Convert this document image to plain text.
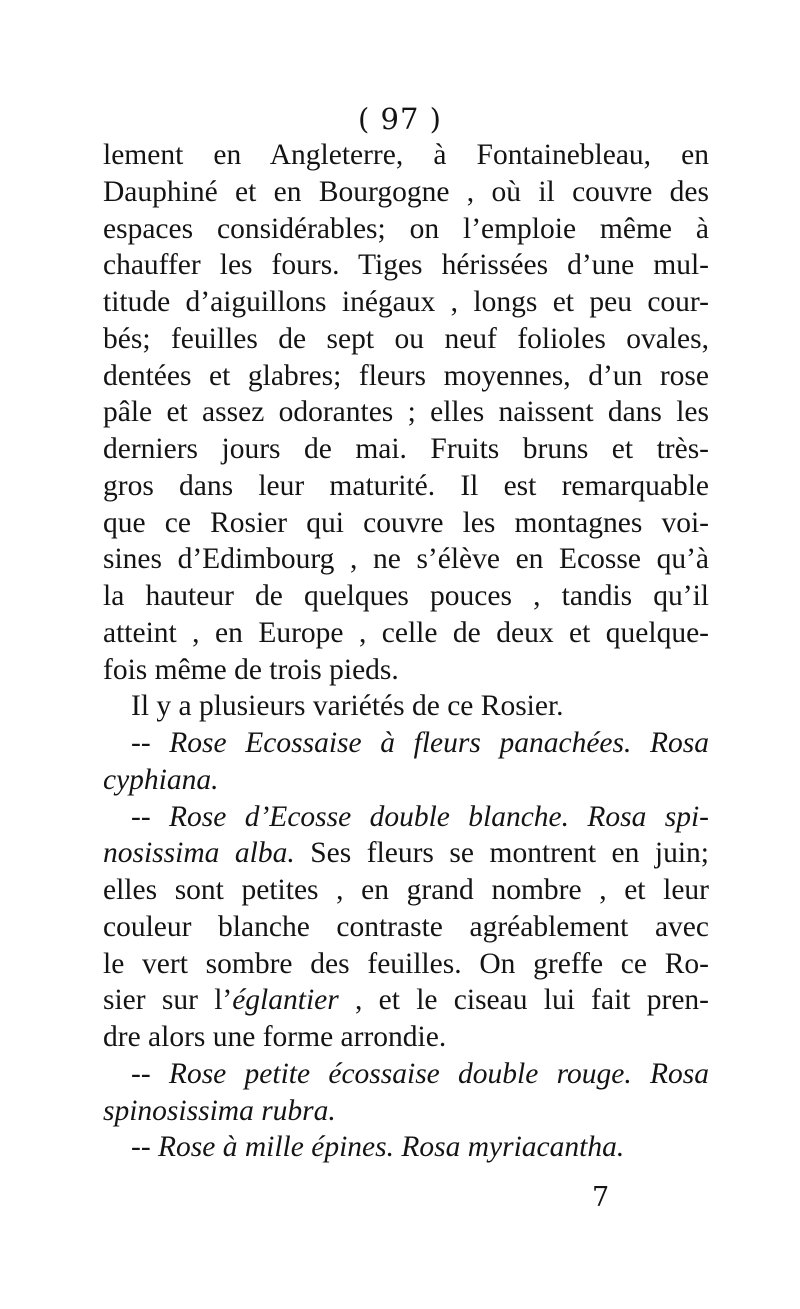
( 97 )
lement en Angleterre, à Fontainebleau, en
Dauphiné et en Bourgogne , où il couvre des
espaces considérables; on l’emploie même à
chauffer les fours. Tiges hérissées d’une mul-
titude d’aiguillons inégaux , longs et peu cour-
bés; feuilles de sept ou neuf folioles ovales,
dentées et glabres; fleurs moyennes, d’un rose
pâle et assez odorantes ; elles naissent dans les
derniers jours de mai. Fruits bruns et très-
gros dans leur maturité. Il est remarquable
que ce Rosier qui couvre les montagnes voi-
sines d’Edimbourg , ne s’élève en Ecosse qu’à
la hauteur de quelques pouces , tandis qu’il
atteint , en Europe , celle de deux et quelque-
fois même de trois pieds.
Il y a plusieurs variétés de ce Rosier.
-- Rose Ecossaise à fleurs panachées. Rosa
cyphiana.
-- Rose d’Ecosse double blanche. Rosa spi-
nosissima alba. Ses fleurs se montrent en juin;
elles sont petites , en grand nombre , et leur
couleur blanche contraste agréablement avec
le vert sombre des feuilles. On greffe ce Ro-
sier sur l’églantier , et le ciseau lui fait pren-
dre alors une forme arrondie.
-- Rose petite écossaise double rouge. Rosa
spinosissima rubra.
-- Rose à mille épines. Rosa myriacantha.
7
